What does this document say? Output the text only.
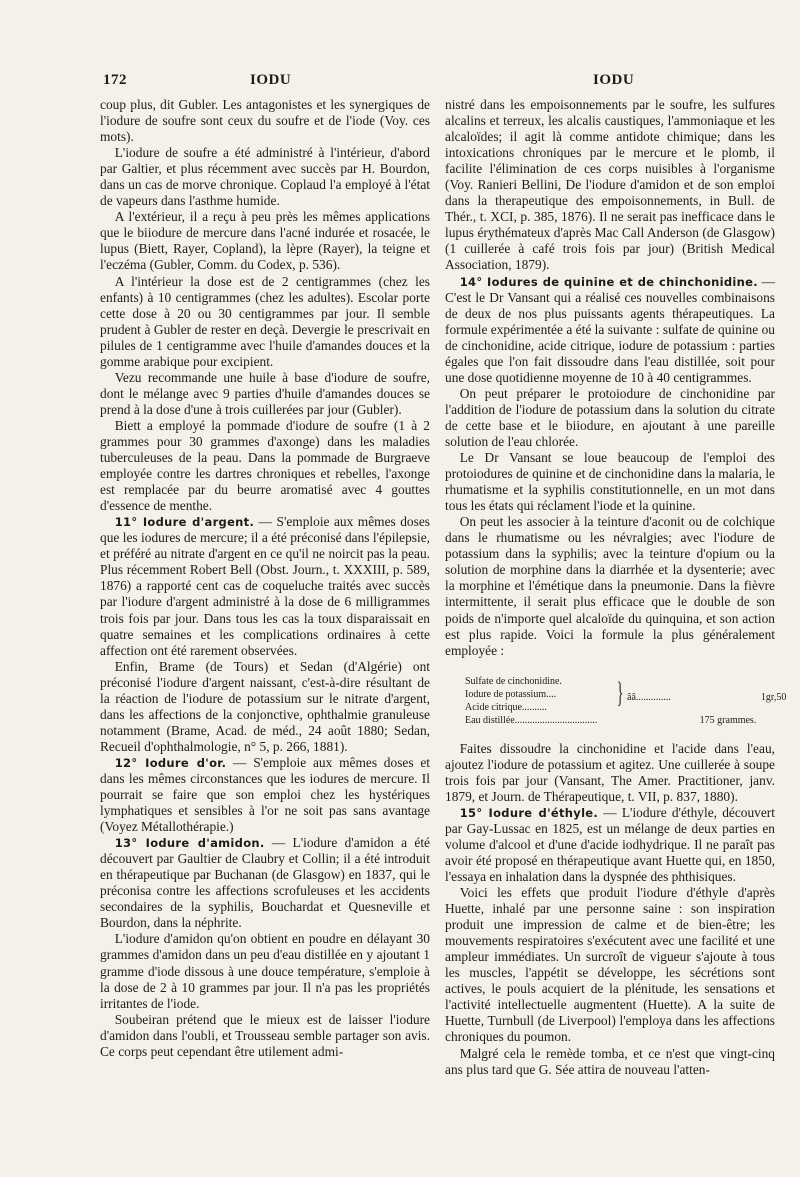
172	IODU	IODU

coup plus, dit Gubler. Les antagonistes et les synergiques de l'iodure de soufre sont ceux du soufre et de l'iode (Voy. ces mots).

L'iodure de soufre a été administré à l'intérieur, d'abord par Galtier, et plus récemment avec succès par H. Bourdon, dans un cas de morve chronique. Coplaud l'a employé à l'état de vapeurs dans l'asthme humide.

A l'extérieur, il a reçu à peu près les mêmes applications que le biiodure de mercure dans l'acné indurée et rosacée, le lupus (Biett, Rayer, Copland), la lèpre (Rayer), la teigne et l'eczéma (Gubler, Comm. du Codex, p. 536).

A l'intérieur la dose est de 2 centigrammes (chez les enfants) à 10 centigrammes (chez les adultes). Escolar porte cette dose à 20 ou 30 centigrammes par jour. Il semble prudent à Gubler de rester en deçà. Devergie le prescrivait en pilules de 1 centigramme avec l'huile d'amandes douces et la gomme arabique pour excipient.

Vezu recommande une huile à base d'iodure de soufre, dont le mélange avec 9 parties d'huile d'amandes douces se prend à la dose d'une à trois cuillerées par jour (Gubler).

Biett a employé la pommade d'iodure de soufre (1 à 2 grammes pour 30 grammes d'axonge) dans les maladies tuberculeuses de la peau. Dans la pommade de Burgraeve employée contre les dartres chroniques et rebelles, l'axonge est remplacée par du beurre aromatisé avec 4 gouttes d'essence de menthe.

11° Iodure d'argent. — S'emploie aux mêmes doses que les iodures de mercure; il a été préconisé dans l'épilepsie, et préféré au nitrate d'argent en ce qu'il ne noircit pas la peau. Plus récemment Robert Bell (Obst. Journ., t. XXXIII, p. 589, 1876) a rapporté cent cas de coqueluche traités avec succès par l'iodure d'argent administré à la dose de 6 milligrammes trois fois par jour. Dans tous les cas la toux disparaissait en quatre semaines et les complications ordinaires à cette affection ont été rarement observées.

Enfin, Brame (de Tours) et Sedan (d'Algérie) ont préconisé l'iodure d'argent naissant, c'est-à-dire résultant de la réaction de l'iodure de potassium sur le nitrate d'argent, dans les affections de la conjonctive, ophthalmie granuleuse notamment (Brame, Acad. de méd., 24 août 1880; Sedan, Recueil d'ophthalmologie, n° 5, p. 266, 1881).

12° Iodure d'or. — S'emploie aux mêmes doses et dans les mêmes circonstances que les iodures de mercure. Il pourrait se faire que son emploi chez les hystériques lymphatiques et sensibles à l'or ne soit pas sans avantage (Voyez Métallothérapie.)

13° Iodure d'amidon. — L'iodure d'amidon a été découvert par Gaultier de Claubry et Collin; il a été introduit en thérapeutique par Buchanan (de Glasgow) en 1837, qui le préconisa contre les affections scrofuleuses et les accidents secondaires de la syphilis, Bouchardat et Quesneville et Bourdon, dans la néphrite.

L'iodure d'amidon qu'on obtient en poudre en délayant 30 grammes d'amidon dans un peu d'eau distillée en y ajoutant 1 gramme d'iode dissous à une douce température, s'emploie à la dose de 2 à 10 grammes par jour. Il n'a pas les propriétés irritantes de l'iode.

Soubeiran prétend que le mieux est de laisser l'iodure d'amidon dans l'oubli, et Trousseau semble partager son avis. Ce corps peut cependant être utilement admi-

nistré dans les empoisonnements par le soufre, les sulfures alcalins et terreux, les alcalis caustiques, l'ammoniaque et les alcaloïdes; il agit là comme antidote chimique; dans les intoxications chroniques par le mercure et le plomb, il facilite l'élimination de ces corps nuisibles à l'organisme (Voy. Ranieri Bellini, De l'iodure d'amidon et de son emploi dans la therapeutique des empoisonnements, in Bull. de Thér., t. XCI, p. 385, 1876). Il ne serait pas inefficace dans le lupus érythémateux d'après Mac Call Anderson (de Glasgow) (1 cuillerée à café trois fois par jour) (British Medical Association, 1879).

14° Iodures de quinine et de chinchonidine. — C'est le Dr Vansant qui a réalisé ces nouvelles combinaisons de deux de nos plus puissants agents thérapeutiques. La formule expérimentée a été la suivante : sulfate de quinine ou de cinchonidine, acide citrique, iodure de potassium : parties égales que l'on fait dissoudre dans l'eau distillée, soit pour une dose quotidienne moyenne de 10 à 40 centigrammes.

On peut préparer le protoiodure de cinchonidine par l'addition de l'iodure de potassium dans la solution du citrate de cette base et le biiodure, en ajoutant à une pareille solution de l'eau chlorée.

Le Dr Vansant se loue beaucoup de l'emploi des protoiodures de quinine et de cinchonidine dans la malaria, le rhumatisme et la syphilis constitutionnelle, en un mot dans tous les états qui réclament l'iode et la quinine.

On peut les associer à la teinture d'aconit ou de colchique dans le rhumatisme ou les névralgies; avec l'iodure de potassium dans la syphilis; avec la teinture d'opium ou la solution de morphine dans la diarrhée et la dysenterie; avec la morphine et l'émétique dans la pneumonie. Dans la fièvre intermittente, il serait plus efficace que le double de son poids de n'importe quel alcaloïde du quinquina, et son action est plus rapide. Voici la formule la plus généralement employée :

Sulfate de cinchonidine.
Iodure de potassium....
Acide citrique..........	} ââ..............	1gr,50
Eau distillée.................................	175 grammes.

Faites dissoudre la cinchonidine et l'acide dans l'eau, ajoutez l'iodure de potassium et agitez. Une cuillerée à soupe trois fois par jour (Vansant, The Amer. Practitioner, janv. 1879, et Journ. de Thérapeutique, t. VII, p. 837, 1880).

15° Iodure d'éthyle. — L'iodure d'éthyle, découvert par Gay-Lussac en 1825, est un mélange de deux parties en volume d'alcool et d'une d'acide iodhydrique. Il ne paraît pas avoir été proposé en thérapeutique avant Huette qui, en 1850, l'essaya en inhalation dans la dyspnée des phthisiques.

Voici les effets que produit l'iodure d'éthyle d'après Huette, inhalé par une personne saine : son inspiration produit une impression de calme et de bien-être; les mouvements respiratoires s'exécutent avec une facilité et une ampleur immédiates. Un surcroît de vigueur s'ajoute à tous les muscles, l'appétit se développe, les sécrétions sont actives, le pouls acquiert de la plénitude, les sensations et l'activité intellectuelle augmentent (Huette). A la suite de Huette, Turnbull (de Liverpool) l'employa dans les affections chroniques du poumon.

Malgré cela le remède tomba, et ce n'est que vingt-cinq ans plus tard que G. Sée attira de nouveau l'atten-
